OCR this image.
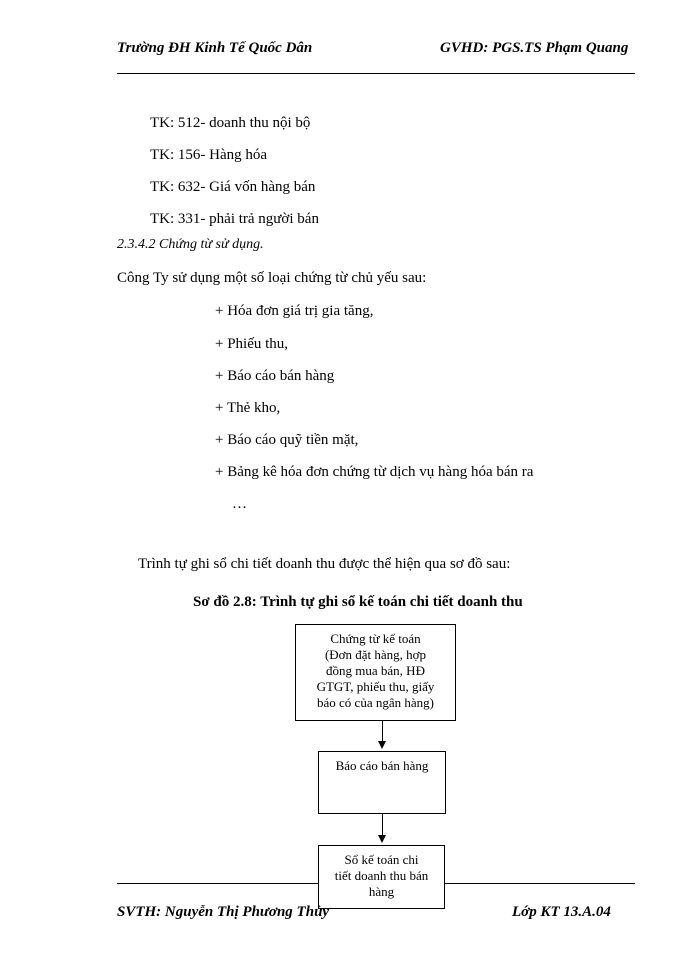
Trường ĐH Kinh Tế Quốc Dân	GVHD: PGS.TS Phạm Quang
TK: 512- doanh thu nội bộ
TK: 156- Hàng hóa
TK: 632- Giá vốn hàng bán
TK: 331- phải trả người bán
2.3.4.2 Chứng từ sử dụng.
Công Ty sử dụng một số loại chứng từ chủ yếu sau:
+ Hóa đơn giá trị gia tăng,
+ Phiếu thu,
+ Báo cáo bán hàng
+ Thẻ kho,
+ Báo cáo quỹ tiền mặt,
+ Bảng kê hóa đơn chứng từ dịch vụ hàng hóa bán ra
…
Trình tự ghi sổ chi tiết doanh thu được thể hiện qua sơ đồ sau:
Sơ đồ 2.8: Trình tự ghi sổ kế toán chi tiết doanh thu
Chứng từ kế toán
(Đơn đặt hàng, hợp
đồng mua bán, HĐ
GTGT, phiếu thu, giấy
báo có của ngân hàng)
Báo cáo bán hàng
Sổ kế toán chi
tiết doanh thu bán
hàng
SVTH: Nguyễn Thị Phương Thủy	Lớp KT 13.A.04
